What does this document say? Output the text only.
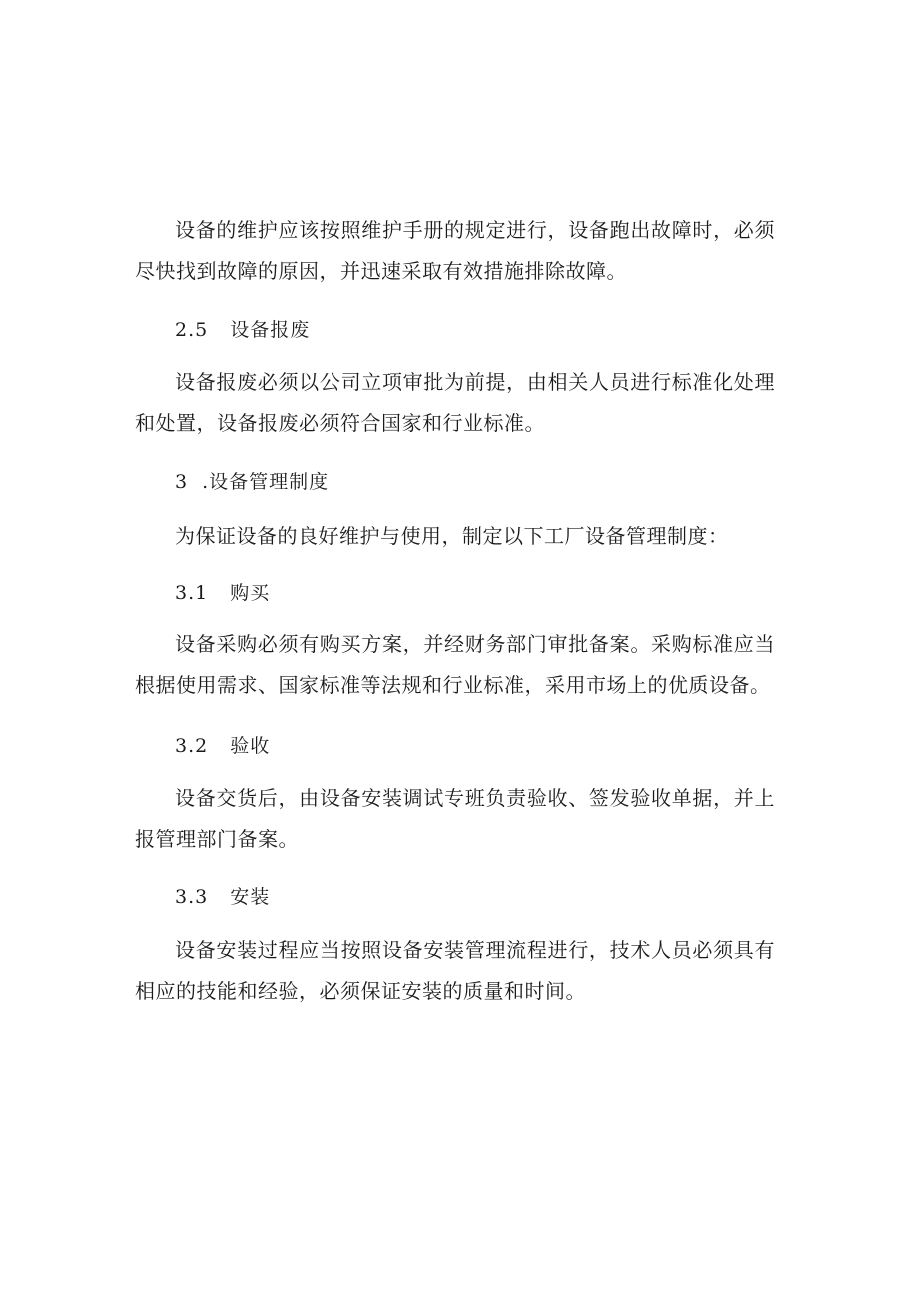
设备的维护应该按照维护手册的规定进行，设备跑出故障时，必须尽快找到故障的原因，并迅速采取有效措施排除故障。

2.5 设备报废

设备报废必须以公司立项审批为前提，由相关人员进行标准化处理和处置，设备报废必须符合国家和行业标准。

3 .设备管理制度

为保证设备的良好维护与使用，制定以下工厂设备管理制度：

3.1 购买

设备采购必须有购买方案，并经财务部门审批备案。采购标准应当根据使用需求、国家标准等法规和行业标准，采用市场上的优质设备。

3.2 验收

设备交货后，由设备安装调试专班负责验收、签发验收单据，并上报管理部门备案。

3.3 安装

设备安装过程应当按照设备安装管理流程进行，技术人员必须具有相应的技能和经验，必须保证安装的质量和时间。
